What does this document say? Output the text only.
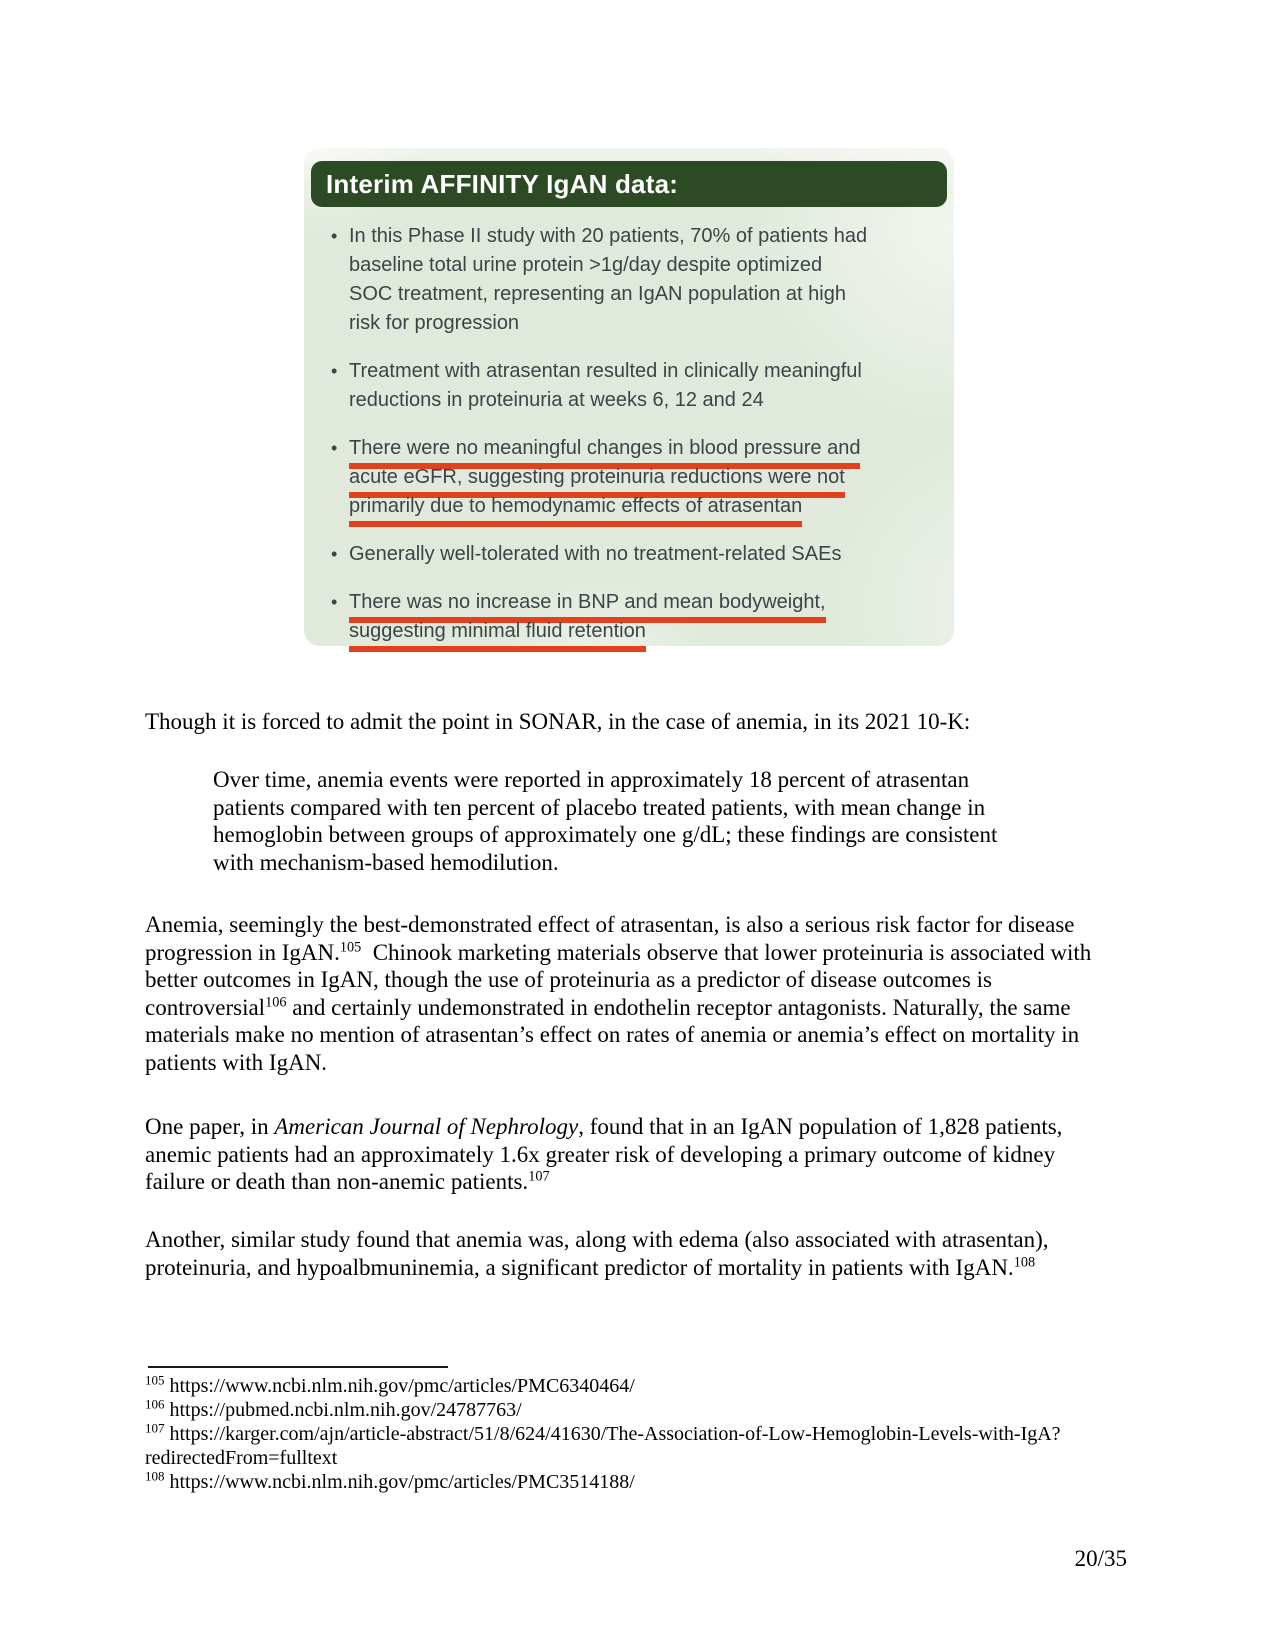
Interim AFFINITY IgAN data:
• In this Phase II study with 20 patients, 70% of patients had
baseline total urine protein >1g/day despite optimized
SOC treatment, representing an IgAN population at high
risk for progression
• Treatment with atrasentan resulted in clinically meaningful
reductions in proteinuria at weeks 6, 12 and 24
• There were no meaningful changes in blood pressure and
acute eGFR, suggesting proteinuria reductions were not
primarily due to hemodynamic effects of atrasentan
• Generally well-tolerated with no treatment-related SAEs
• There was no increase in BNP and mean bodyweight,
suggesting minimal fluid retention
Though it is forced to admit the point in SONAR, in the case of anemia, in its 2021 10-K:
Over time, anemia events were reported in approximately 18 percent of atrasentan patients compared with ten percent of placebo treated patients, with mean change in hemoglobin between groups of approximately one g/dL; these findings are consistent with mechanism-based hemodilution.
Anemia, seemingly the best-demonstrated effect of atrasentan, is also a serious risk factor for disease progression in IgAN.$^{105}$  Chinook marketing materials observe that lower proteinuria is associated with better outcomes in IgAN, though the use of proteinuria as a predictor of disease outcomes is controversial$^{106}$ and certainly undemonstrated in endothelin receptor antagonists. Naturally, the same materials make no mention of atrasentan’s effect on rates of anemia or anemia’s effect on mortality in patients with IgAN.
One paper, in American Journal of Nephrology, found that in an IgAN population of 1,828 patients, anemic patients had an approximately 1.6x greater risk of developing a primary outcome of kidney failure or death than non-anemic patients.$^{107}$
Another, similar study found that anemia was, along with edema (also associated with atrasentan), proteinuria, and hypoalbmuninemia, a significant predictor of mortality in patients with IgAN.$^{108}$
$^{105}$ https://www.ncbi.nlm.nih.gov/pmc/articles/PMC6340464/
$^{106}$ https://pubmed.ncbi.nlm.nih.gov/24787763/
$^{107}$ https://karger.com/ajn/article-abstract/51/8/624/41630/The-Association-of-Low-Hemoglobin-Levels-with-IgA?redirectedFrom=fulltext
$^{108}$ https://www.ncbi.nlm.nih.gov/pmc/articles/PMC3514188/
20/35
